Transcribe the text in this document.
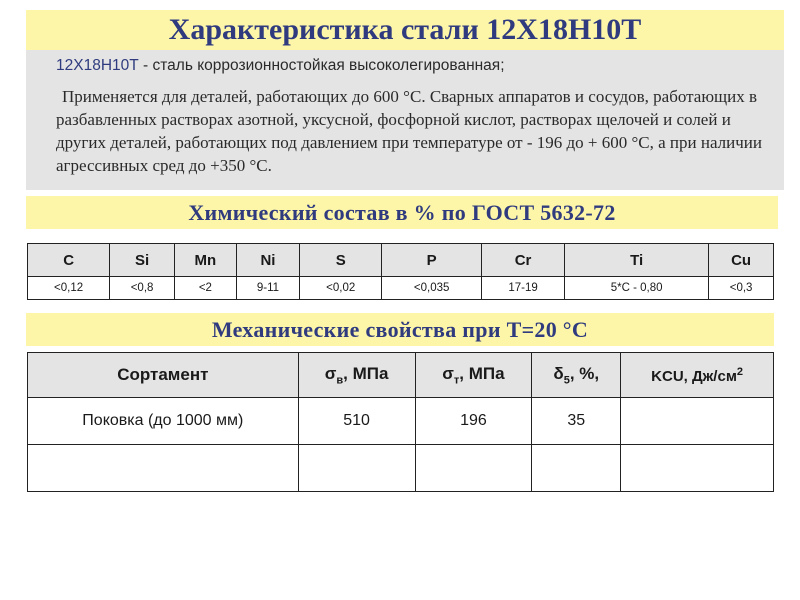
Характеристика стали 12Х18Н10Т

12Х18Н10Т - сталь коррозионностойкая высоколегированная;

Применяется для деталей, работающих до 600 °С. Сварных аппаратов и сосудов, работающих в разбавленных растворах азотной, уксусной, фосфорной кислот, растворах щелочей и солей и других деталей, работающих под давлением при температуре от - 196 до + 600 °С, а при наличии агрессивных сред до +350 °С.

Химический состав в % по ГОСТ 5632-72
C	Si	Mn	Ni	S	P	Cr	Ti	Cu
<0,12	<0,8	<2	9-11	<0,02	<0,035	17-19	5*C - 0,80	<0,3
Механические свойства при Т=20 °С
Сортамент	$\sigma_в$, МПа	$\sigma_т$, МПа	$\delta_5$, %,	KCU, $Дж/см^2$
Поковка (до 1000 мм)	510	196	35	
